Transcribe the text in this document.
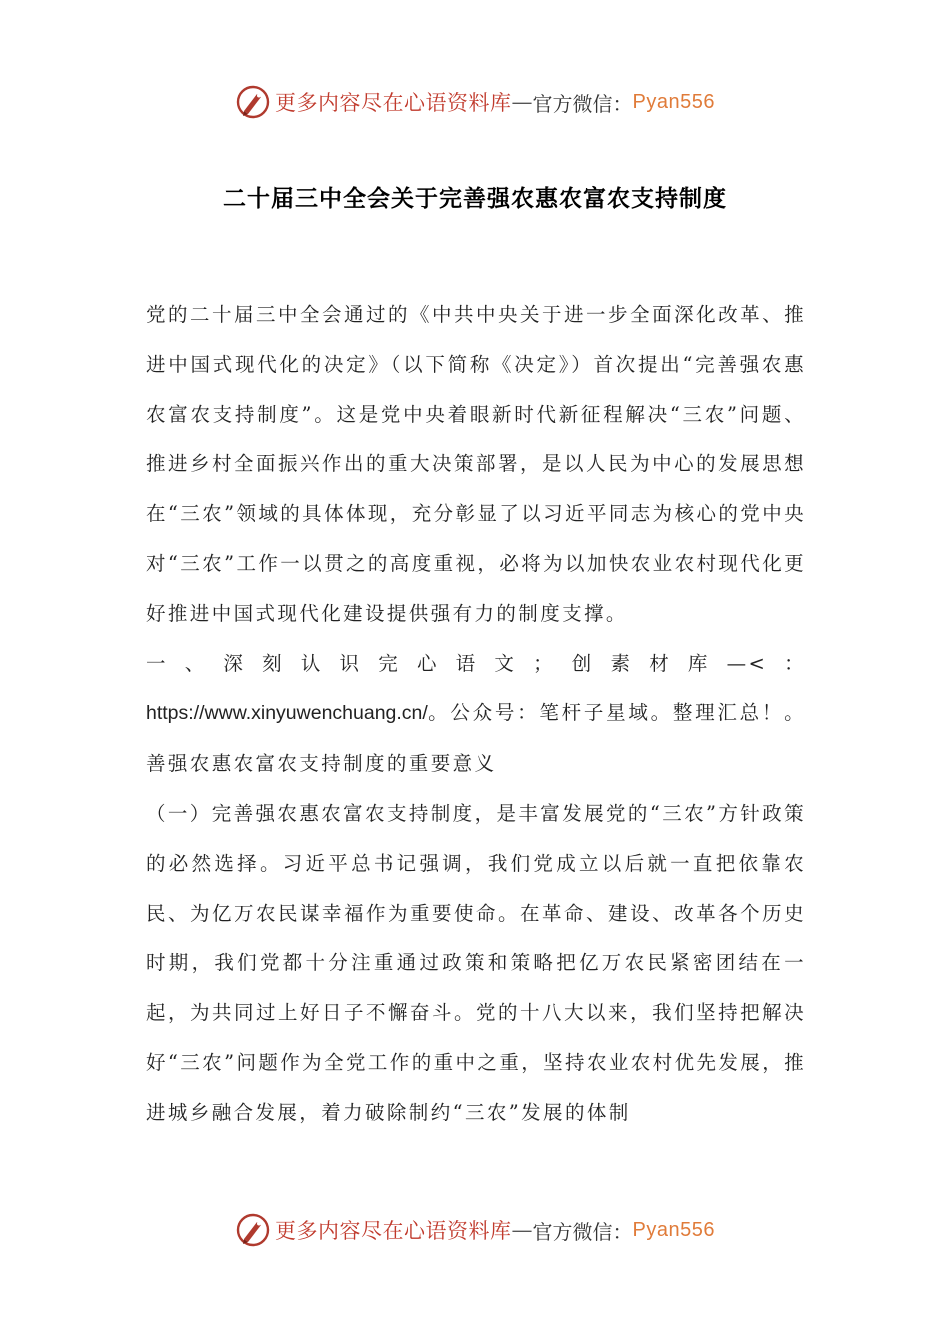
更多内容尽在心语资料库 — 官方微信： Pyan556
二十届三中全会关于完善强农惠农富农支持制度

党的二十届三中全会通过的《中共中央关于进一步全面深化改革、推进中国式现代化的决定》（以下简称《决定》）首次提出“完善强农惠农富农支持制度”。这是党中央着眼新时代新征程解决“三农”问题、推进乡村全面振兴作出的重大决策部署，是以人民为中心的发展思想在“三农”领域的具体体现，充分彰显了以习近平同志为核心的党中央对“三农”工作一以贯之的高度重视，必将为以加快农业农村现代化更好推进中国式现代化建设提供强有力的制度支撑。

一、深刻认识完心语文；创素材库—<：https://www.xinyuwenchuang.cn/。公众号：笔杆子星域。整理汇总！。善强农惠农富农支持制度的重要意义

（一）完善强农惠农富农支持制度，是丰富发展党的“三农”方针政策的必然选择。习近平总书记强调，我们党成立以后就一直把依靠农民、为亿万农民谋幸福作为重要使命。在革命、建设、改革各个历史时期，我们党都十分注重通过政策和策略把亿万农民紧密团结在一起，为共同过上好日子不懈奋斗。党的十八大以来，我们坚持把解决好“三农”问题作为全党工作的重中之重，坚持农业农村优先发展，推进城乡融合发展，着力破除制约“三农”发展的体制

更多内容尽在心语资料库 — 官方微信： Pyan556
